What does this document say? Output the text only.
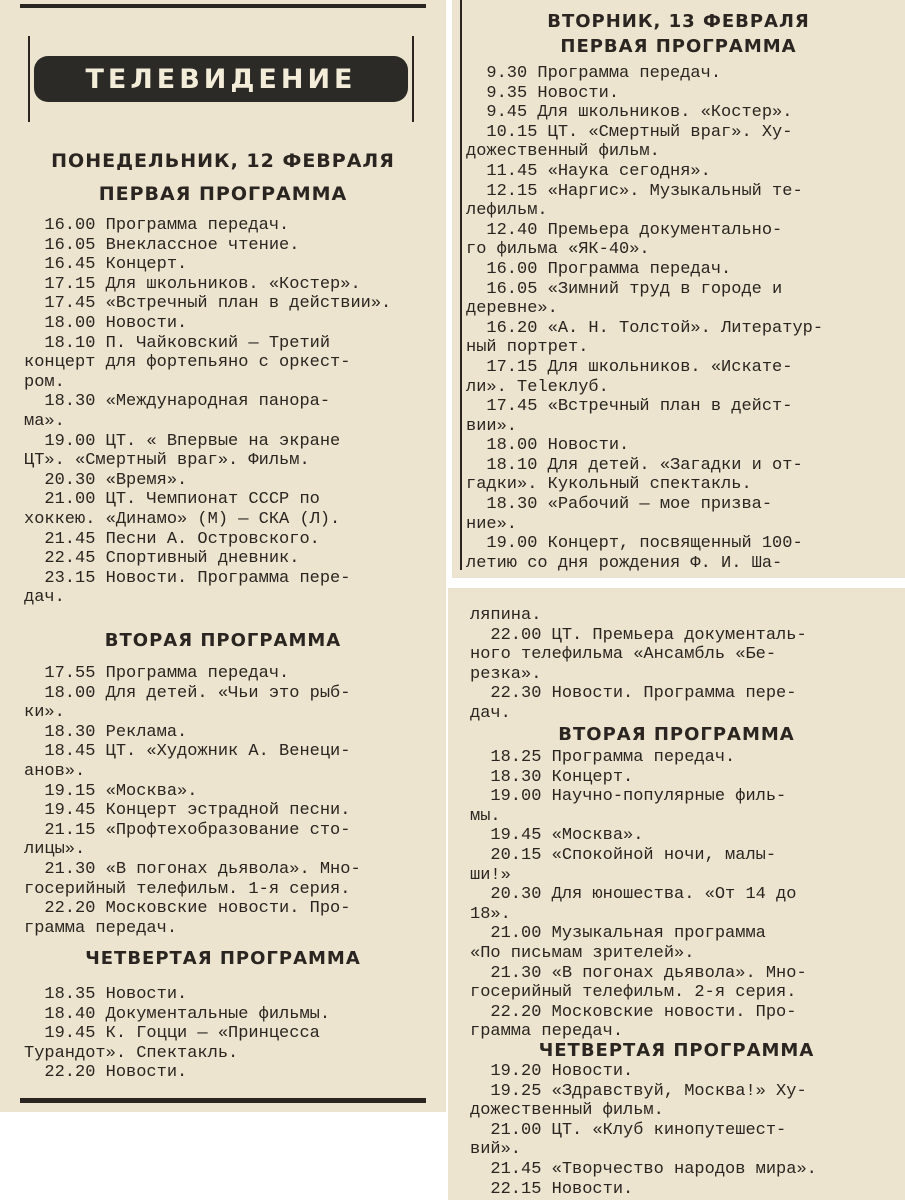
ТЕЛЕВИДЕНИЕ
ПОНЕДЕЛЬНИК, 12 ФЕВРАЛЯ
ПЕРВАЯ ПРОГРАММА
16.00 Программа передач.
16.05 Внеклассное чтение.
16.45 Концерт.
17.15 Для школьников. «Костер».
17.45 «Встречный план в действии».
18.00 Новости.
18.10 П. Чайковский — Третий
концерт для фортепьяно с оркест-
ром.
18.30 «Международная панора-
ма».
19.00 ЦТ. « Впервые на экране
ЦТ». «Смертный враг». Фильм.
20.30 «Время».
21.00 ЦТ. Чемпионат СССР по
хоккею. «Динамо» (М) — СКА (Л).
21.45 Песни А. Островского.
22.45 Спортивный дневник.
23.15 Новости. Программа пере-
дач.
ВТОРАЯ ПРОГРАММА
17.55 Программа передач.
18.00 Для детей. «Чьи это рыб-
ки».
18.30 Реклама.
18.45 ЦТ. «Художник А. Венеци-
анов».
19.15 «Москва».
19.45 Концерт эстрадной песни.
21.15 «Профтехобразование сто-
лицы».
21.30 «В погонах дьявола». Мно-
госерийный телефильм. 1-я серия.
22.20 Московские новости. Про-
грамма передач.
ЧЕТВЕРТАЯ ПРОГРАММА
18.35 Новости.
18.40 Документальные фильмы.
19.45 К. Гоцци — «Принцесса
Турандот». Спектакль.
22.20 Новости.
ВТОРНИК, 13 ФЕВРАЛЯ
ПЕРВАЯ ПРОГРАММА
9.30 Программа передач.
9.35 Новости.
9.45 Для школьников. «Костер».
10.15 ЦТ. «Смертный враг». Ху-
дожественный фильм.
11.45 «Наука сегодня».
12.15 «Наргис». Музыкальный те-
лефильм.
12.40 Премьера документально-
го фильма «ЯК-40».
16.00 Программа передач.
16.05 «Зимний труд в городе и
деревне».
16.20 «А. Н. Толстой». Литератур-
ный портрет.
17.15 Для школьников. «Искате-
ли». Теleклуб.
17.45 «Встречный план в дейст-
вии».
18.00 Новости.
18.10 Для детей. «Загадки и от-
гадки». Кукольный спектакль.
18.30 «Рабочий — мое призва-
ние».
19.00 Концерт, посвященный 100-
летию со дня рождения Ф. И. Ша-
ляпина.
22.00 ЦТ. Премьера документаль-
ного телефильма «Ансамбль «Бе-
резка».
22.30 Новости. Программа пере-
дач.
ВТОРАЯ ПРОГРАММА
18.25 Программа передач.
18.30 Концерт.
19.00 Научно-популярные филь-
мы.
19.45 «Москва».
20.15 «Спокойной ночи, малы-
ши!»
20.30 Для юношества. «От 14 до
18».
21.00 Музыкальная программа
«По письмам зрителей».
21.30 «В погонах дьявола». Мно-
госерийный телефильм. 2-я серия.
22.20 Московские новости. Про-
грамма передач.
ЧЕТВЕРТАЯ ПРОГРАММА
19.20 Новости.
19.25 «Здравствуй, Москва!» Ху-
дожественный фильм.
21.00 ЦТ. «Клуб кинопутешест-
вий».
21.45 «Творчество народов мира».
22.15 Новости.
